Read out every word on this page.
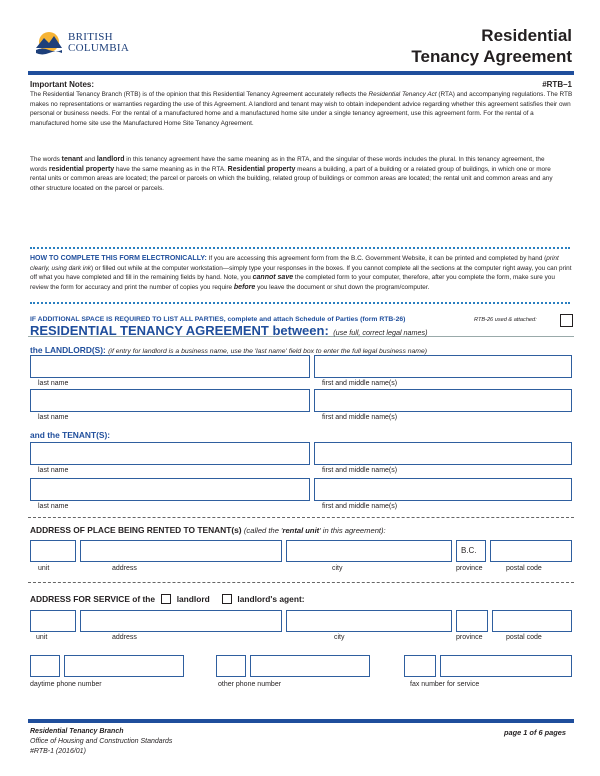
BRITISH
COLUMBIA
Residential
Tenancy Agreement
Important Notes:	#RTB–1
The Residential Tenancy Branch (RTB) is of the opinion that this Residential Tenancy Agreement accurately reflects the Residential Tenancy Act (RTA) and accompanying regulations. The RTB makes no representations or warranties regarding the use of this Agreement. A landlord and tenant may wish to obtain independent advice regarding whether this agreement satisfies their own personal or business needs. For the rental of a manufactured home and a manufactured home site under a single tenancy agreement, use this agreement form. For the rental of a manufactured home site use the Manufactured Home Site Tenancy Agreement.
The words tenant and landlord in this tenancy agreement have the same meaning as in the RTA, and the singular of these words includes the plural. In this tenancy agreement, the words residential property have the same meaning as in the RTA. Residential property means a building, a part of a building or a related group of buildings, in which one or more rental units or common areas are located; the parcel or parcels on which the building, related group of buildings or common areas are located; the rental unit and common areas and any other structure located on the parcel or parcels.
HOW TO COMPLETE THIS FORM ELECTRONICALLY: If you are accessing this agreement form from the B.C. Government Website, it can be printed and completed by hand (print clearly, using dark ink) or filled out while at the computer workstation—simply type your responses in the boxes. If you cannot complete all the sections at the computer right away, you can print off what you have completed and fill in the remaining fields by hand. Note, you cannot save the completed form to your computer, therefore, after you complete the form, make sure you review the form for accuracy and print the number of copies you require before you leave the document or shut down the program/computer.
IF ADDITIONAL SPACE IS REQUIRED TO LIST ALL PARTIES, complete and attach Schedule of Parties (form RTB-26)	RTB-26 used & attached:
RESIDENTIAL TENANCY AGREEMENT between: (use full, correct legal names)
the LANDLORD(S): (if entry for landlord is a business name, use the 'last name' field box to enter the full legal business name)
last name	first and middle name(s)
last name	first and middle name(s)
and the TENANT(S):
last name	first and middle name(s)
last name	first and middle name(s)
ADDRESS OF PLACE BEING RENTED TO TENANT(s) (called the 'rental unit' in this agreement):
B.C.
unit	address	city	province	postal code
ADDRESS FOR SERVICE of the	landlord	landlord's agent:
unit	address	city	province	postal code
daytime phone number	other phone number	fax number for service
Residential Tenancy Branch
Office of Housing and Construction Standards
#RTB-1 (2016/01)
page 1 of 6 pages
